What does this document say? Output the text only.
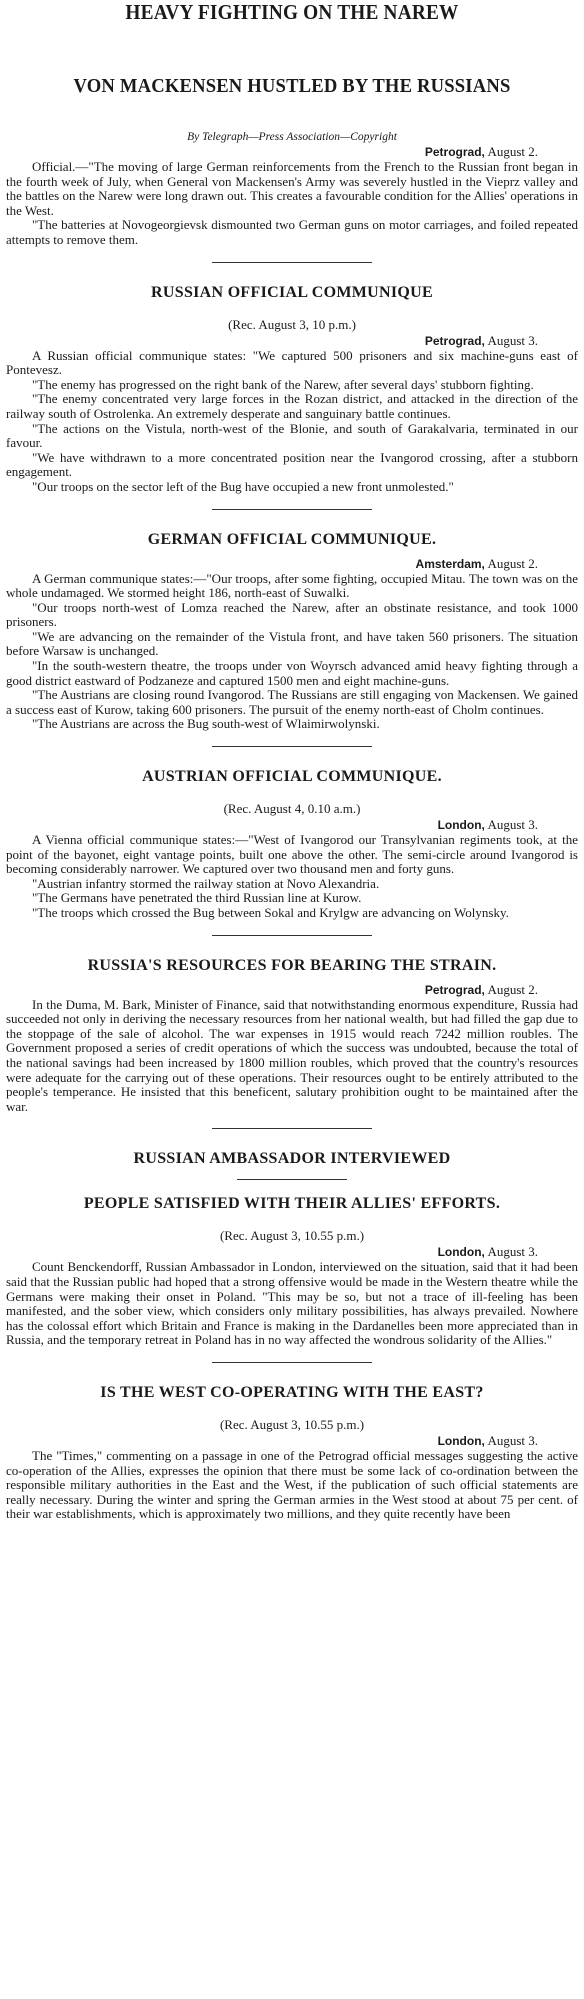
HEAVY FIGHTING ON THE NAREW
VON MACKENSEN HUSTLED BY THE RUSSIANS
By Telegraph—Press Association—Copyright
Petrograd, August 2.

Official.—"The moving of large German reinforcements from the French to the Russian front began in the fourth week of July, when General von Mackensen's Army was severely hustled in the Vieprz valley and the battles on the Narew were long drawn out. This creates a favourable condition for the Allies' operations in the West.

"The batteries at Novogeorgievsk dismounted two German guns on motor carriages, and foiled repeated attempts to remove them.

RUSSIAN OFFICIAL COMMUNIQUE
(Rec. August 3, 10 p.m.)
Petrograd, August 3.

A Russian official communique states: "We captured 500 prisoners and six machine-guns east of Pontevesz.

"The enemy has progressed on the right bank of the Narew, after several days' stubborn fighting.

"The enemy concentrated very large forces in the Rozan district, and attacked in the direction of the railway south of Ostrolenka. An extremely desperate and sanguinary battle continues.

"The actions on the Vistula, north-west of the Blonie, and south of Garakalvaria, terminated in our favour.

"We have withdrawn to a more concentrated position near the Ivangorod crossing, after a stubborn engagement.

"Our troops on the sector left of the Bug have occupied a new front unmolested."

GERMAN OFFICIAL COMMUNIQUE.
Amsterdam, August 2.

A German communique states:—"Our troops, after some fighting, occupied Mitau. The town was on the whole undamaged. We stormed height 186, north-east of Suwalki.

"Our troops north-west of Lomza reached the Narew, after an obstinate resistance, and took 1000 prisoners.

"We are advancing on the remainder of the Vistula front, and have taken 560 prisoners. The situation before Warsaw is unchanged.

"In the south-western theatre, the troops under von Woyrsch advanced amid heavy fighting through a good district eastward of Podzaneze and captured 1500 men and eight machine-guns.

"The Austrians are closing round Ivangorod. The Russians are still engaging von Mackensen. We gained a success east of Kurow, taking 600 prisoners. The pursuit of the enemy north-east of Cholm continues.

"The Austrians are across the Bug south-west of Wlaimirwolynski.

AUSTRIAN OFFICIAL COMMUNIQUE.
(Rec. August 4, 0.10 a.m.)
London, August 3.

A Vienna official communique states:—"West of Ivangorod our Transylvanian regiments took, at the point of the bayonet, eight vantage points, built one above the other. The semi-circle around Ivangorod is becoming considerably narrower. We captured over two thousand men and forty guns.

"Austrian infantry stormed the railway station at Novo Alexandria.

"The Germans have penetrated the third Russian line at Kurow.

"The troops which crossed the Bug between Sokal and Krylgw are advancing on Wolynsky.

RUSSIA'S RESOURCES FOR BEARING THE STRAIN.
Petrograd, August 2.

In the Duma, M. Bark, Minister of Finance, said that notwithstanding enormous expenditure, Russia had succeeded not only in deriving the necessary resources from her national wealth, but had filled the gap due to the stoppage of the sale of alcohol. The war expenses in 1915 would reach 7242 million roubles. The Government proposed a series of credit operations of which the success was undoubted, because the total of the national savings had been increased by 1800 million roubles, which proved that the country's resources were adequate for the carrying out of these operations. Their resources ought to be entirely attributed to the people's temperance. He insisted that this beneficent, salutary prohibition ought to be maintained after the war.

RUSSIAN AMBASSADOR INTERVIEWED
PEOPLE SATISFIED WITH THEIR ALLIES' EFFORTS.
(Rec. August 3, 10.55 p.m.)
London, August 3.

Count Benckendorff, Russian Ambassador in London, interviewed on the situation, said that it had been said that the Russian public had hoped that a strong offensive would be made in the Western theatre while the Germans were making their onset in Poland. "This may be so, but not a trace of ill-feeling has been manifested, and the sober view, which considers only military possibilities, has always prevailed. Nowhere has the colossal effort which Britain and France is making in the Dardanelles been more appreciated than in Russia, and the temporary retreat in Poland has in no way affected the wondrous solidarity of the Allies."

IS THE WEST CO-OPERATING WITH THE EAST?
(Rec. August 3, 10.55 p.m.)
London, August 3.

The "Times," commenting on a passage in one of the Petrograd official messages suggesting the active co-operation of the Allies, expresses the opinion that there must be some lack of co-ordination between the responsible military authorities in the East and the West, if the publication of such official statements are really necessary. During the winter and spring the German armies in the West stood at about 75 per cent. of their war establishments, which is approximately two millions, and they quite recently have been
